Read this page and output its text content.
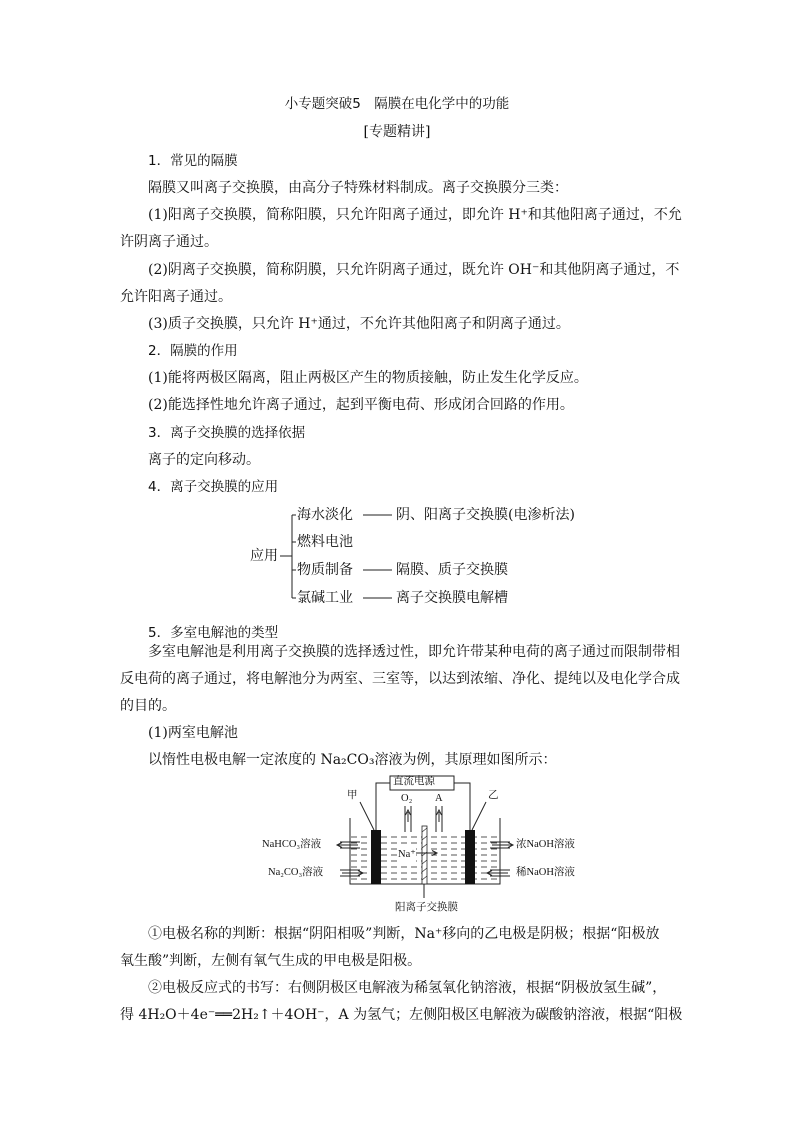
小专题突破5　隔膜在电化学中的功能
[专题精讲]
1．常见的隔膜
隔膜又叫离子交换膜，由高分子特殊材料制成。离子交换膜分三类：
(1)阳离子交换膜，简称阳膜，只允许阳离子通过，即允许 H⁺和其他阳离子通过，不允
许阴离子通过。
(2)阴离子交换膜，简称阴膜，只允许阴离子通过，既允许 OH⁻和其他阴离子通过，不
允许阳离子通过。
(3)质子交换膜，只允许 H⁺通过，不允许其他阳离子和阴离子通过。
2．隔膜的作用
(1)能将两极区隔离，阻止两极区产生的物质接触，防止发生化学反应。
(2)能选择性地允许离子通过，起到平衡电荷、形成闭合回路的作用。
3．离子交换膜的选择依据
离子的定向移动。
4．离子交换膜的应用
应用
海水淡化	阴、阳离子交换膜(电渗析法)
燃料电池
物质制备	隔膜、质子交换膜
氯碱工业	离子交换膜电解槽
5．多室电解池的类型
多室电解池是利用离子交换膜的选择透过性，即允许带某种电荷的离子通过而限制带相
反电荷的离子通过，将电解池分为两室、三室等，以达到浓缩、净化、提纯以及电化学合成
的目的。
(1)两室电解池
以惰性电极电解一定浓度的 Na₂CO₃溶液为例，其原理如图所示：
直流电源
甲	乙
O₂ A
NaHCO₃溶液
Na₂CO₃溶液
浓NaOH溶液
稀NaOH溶液
Na⁺
阳离子交换膜
①电极名称的判断：根据“阴阳相吸”判断，Na⁺移向的乙电极是阴极；根据“阳极放
氧生酸”判断，左侧有氧气生成的甲电极是阳极。
②电极反应式的书写：右侧阴极区电解液为稀氢氧化钠溶液，根据“阴极放氢生碱”，
得 4H₂O＋4e⁻══2H₂↑＋4OH⁻，A 为氢气；左侧阳极区电解液为碳酸钠溶液，根据“阳极
